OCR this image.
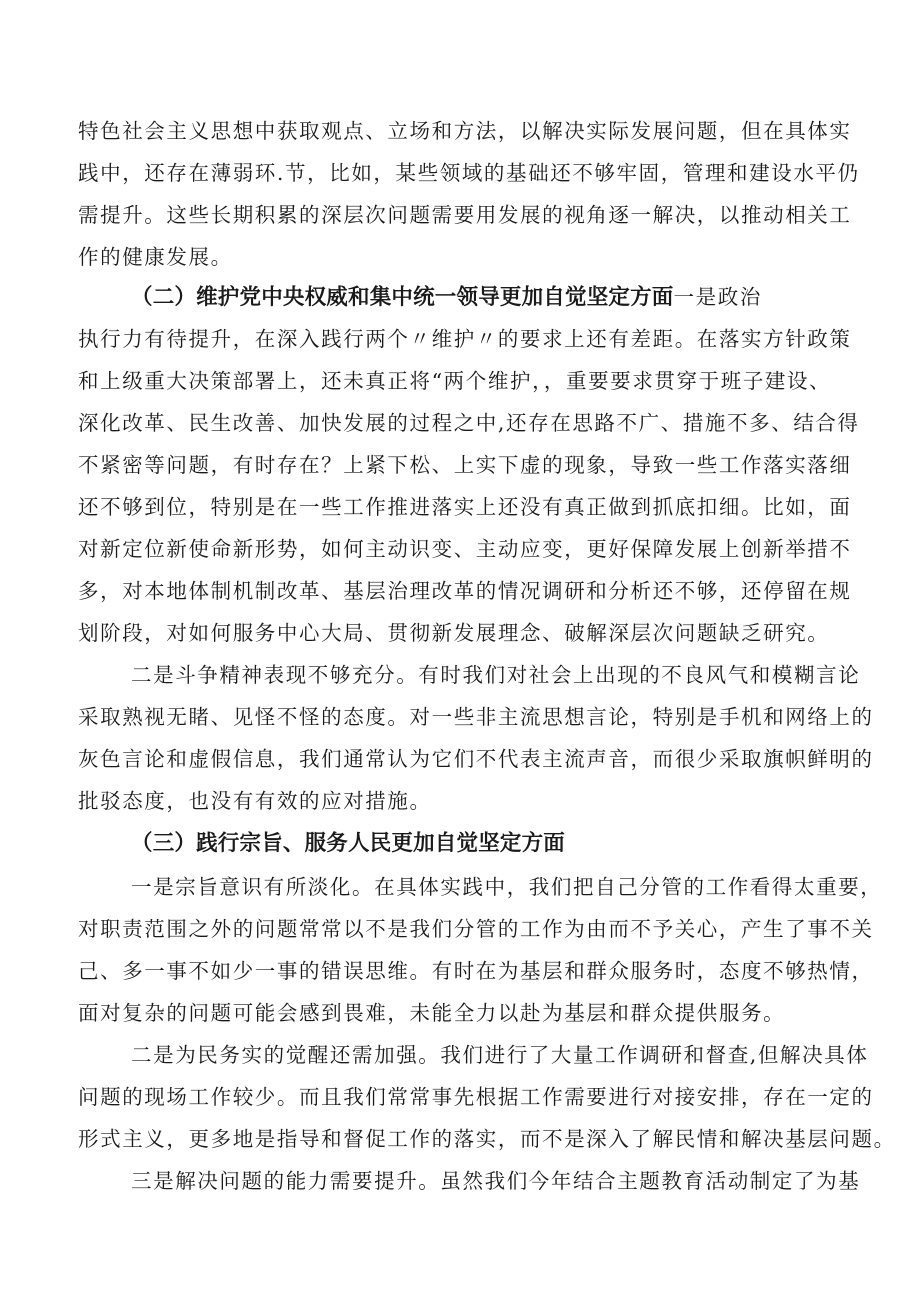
特色社会主义思想中获取观点、立场和方法，以解决实际发展问题，但在具体实
践中，还存在薄弱环.节，比如，某些领域的基础还不够牢固，管理和建设水平仍
需提升。这些长期积累的深层次问题需要用发展的视角逐一解决，以推动相关工
作的健康发展。
（二）维护党中央权威和集中统一领导更加自觉坚定方面一是政治
执行力有待提升，在深入践行两个〃维护〃的要求上还有差距。在落实方针政策
和上级重大决策部署上，还未真正将“两个维护，，重要要求贯穿于班子建设、
深化改革、民生改善、加快发展的过程之中,还存在思路不广、措施不多、结合得
不紧密等问题，有时存在？上紧下松、上实下虚的现象，导致一些工作落实落细
还不够到位，特别是在一些工作推进落实上还没有真正做到抓底扣细。比如，面
对新定位新使命新形势，如何主动识变、主动应变，更好保障发展上创新举措不
多，对本地体制机制改革、基层治理改革的情况调研和分析还不够，还停留在规
划阶段，对如何服务中心大局、贯彻新发展理念、破解深层次问题缺乏研究。
二是斗争精神表现不够充分。有时我们对社会上出现的不良风气和模糊言论
采取熟视无睹、见怪不怪的态度。对一些非主流思想言论，特别是手机和网络上的
灰色言论和虚假信息，我们通常认为它们不代表主流声音，而很少采取旗帜鲜明的
批驳态度，也没有有效的应对措施。
（三）践行宗旨、服务人民更加自觉坚定方面
一是宗旨意识有所淡化。在具体实践中，我们把自己分管的工作看得太重要，
对职责范围之外的问题常常以不是我们分管的工作为由而不予关心，产生了事不关
己、多一事不如少一事的错误思维。有时在为基层和群众服务时，态度不够热情，
面对复杂的问题可能会感到畏难，未能全力以赴为基层和群众提供服务。
二是为民务实的觉醒还需加强。我们进行了大量工作调研和督查,但解决具体
问题的现场工作较少。而且我们常常事先根据工作需要进行对接安排，存在一定的
形式主义，更多地是指导和督促工作的落实，而不是深入了解民情和解决基层问题。
三是解决问题的能力需要提升。虽然我们今年结合主题教育活动制定了为基
